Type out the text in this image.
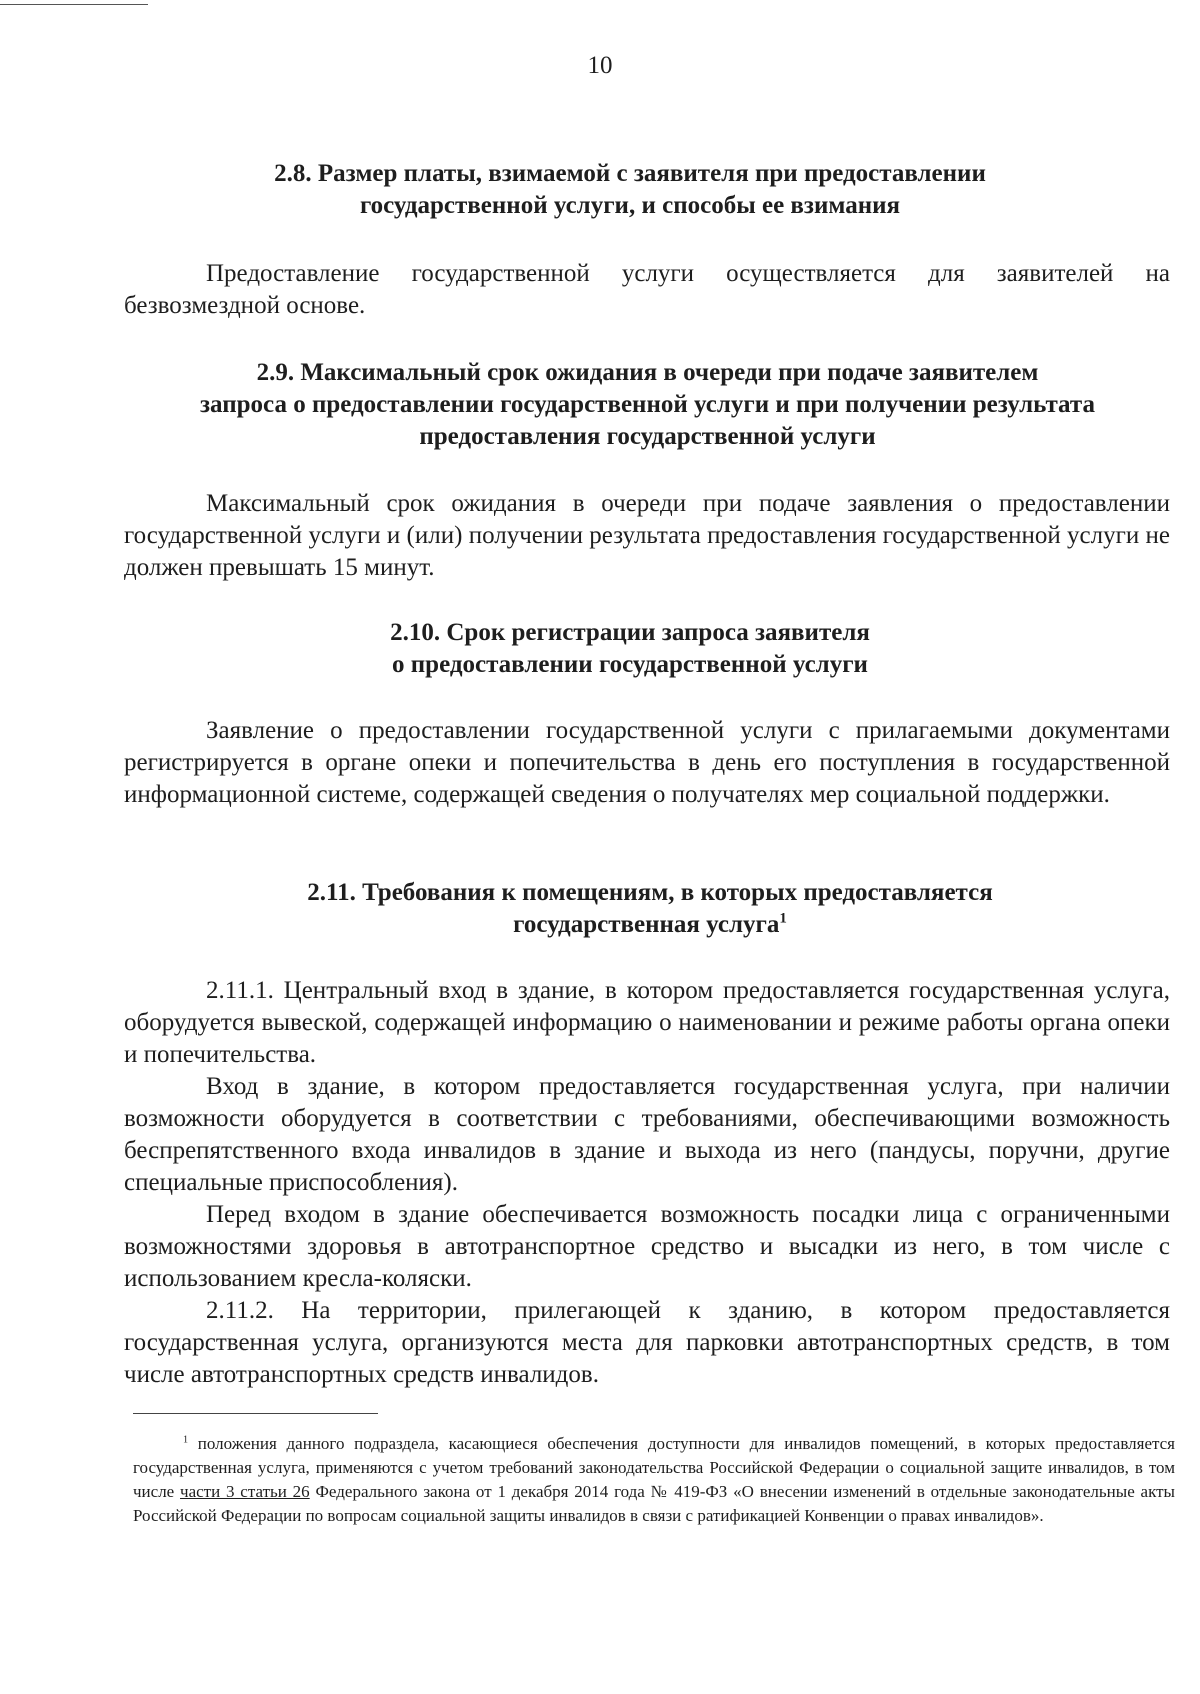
10
2.8. Размер платы, взимаемой с заявителя при предоставлении
государственной услуги, и способы ее взимания
Предоставление государственной услуги осуществляется для заявителей на безвозмездной основе.
2.9. Максимальный срок ожидания в очереди при подаче заявителем
запроса о предоставлении государственной услуги и при получении результата
предоставления государственной услуги
Максимальный срок ожидания в очереди при подаче заявления о предоставлении государственной услуги и (или) получении результата предоставления государственной услуги не должен превышать 15 минут.
2.10. Срок регистрации запроса заявителя
о предоставлении государственной услуги
Заявление о предоставлении государственной услуги с прилагаемыми документами регистрируется в органе опеки и попечительства в день его поступления в государственной информационной системе, содержащей сведения о получателях мер социальной поддержки.
2.11. Требования к помещениям, в которых предоставляется
государственная услуга$^1$
2.11.1. Центральный вход в здание, в котором предоставляется государственная услуга, оборудуется вывеской, содержащей информацию о наименовании и режиме работы органа опеки и попечительства.
Вход в здание, в котором предоставляется государственная услуга, при наличии возможности оборудуется в соответствии с требованиями, обеспечивающими возможность беспрепятственного входа инвалидов в здание и выхода из него (пандусы, поручни, другие специальные приспособления).
Перед входом в здание обеспечивается возможность посадки лица с ограниченными возможностями здоровья в автотранспортное средство и высадки из него, в том числе с использованием кресла-коляски.
2.11.2. На территории, прилегающей к зданию, в котором предоставляется государственная услуга, организуются места для парковки автотранспортных средств, в том числе автотранспортных средств инвалидов.
$^1$ положения данного подраздела, касающиеся обеспечения доступности для инвалидов помещений, в которых предоставляется государственная услуга, применяются с учетом требований законодательства Российской Федерации о социальной защите инвалидов, в том числе части 3 статьи 26 Федерального закона от 1 декабря 2014 года № 419-ФЗ «О внесении изменений в отдельные законодательные акты Российской Федерации по вопросам социальной защиты инвалидов в связи с ратификацией Конвенции о правах инвалидов».
